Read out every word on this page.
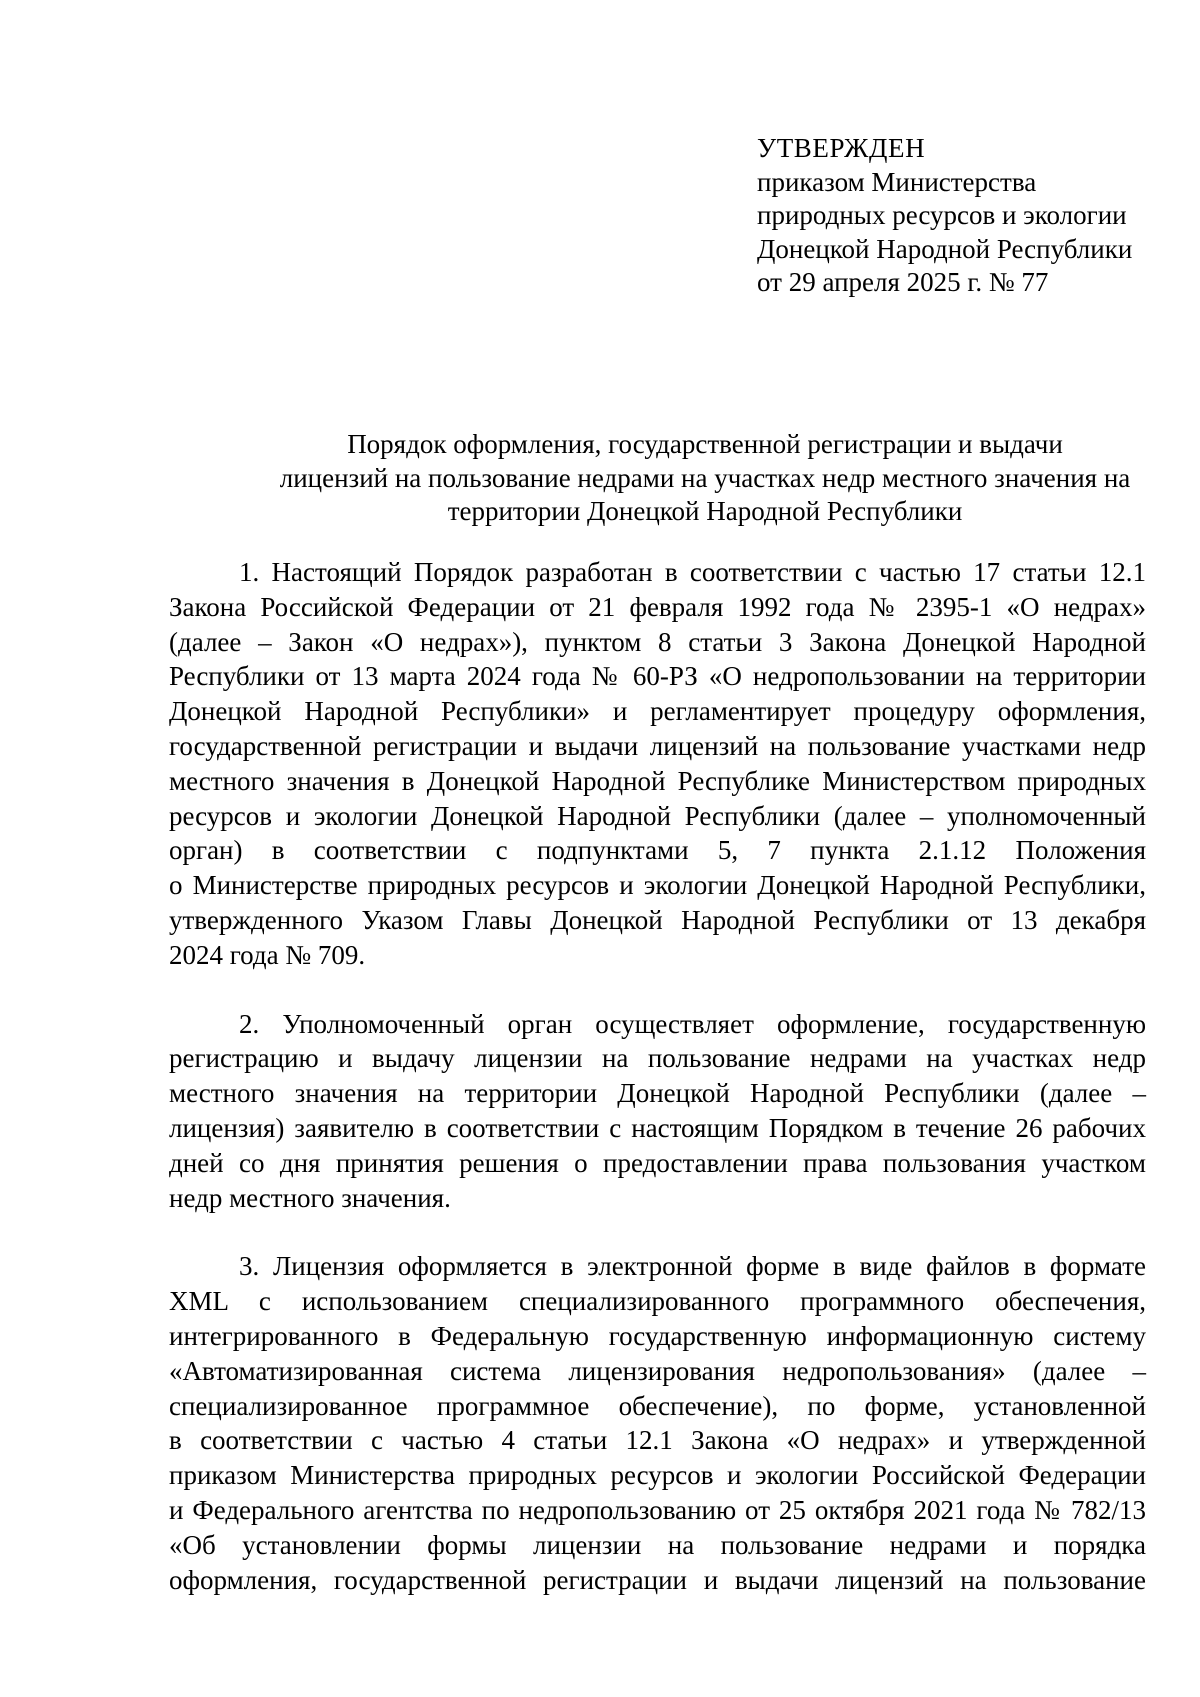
УТВЕРЖДЕН
приказом Министерства
природных ресурсов и экологии
Донецкой Народной Республики
от 29 апреля 2025 г. № 77
Порядок оформления, государственной регистрации и выдачи
лицензий на пользование недрами на участках недр местного значения на
территории Донецкой Народной Республики
1. Настоящий Порядок разработан в соответствии с частью 17 статьи 12.1
Закона Российской Федерации от 21 февраля 1992 года № 2395-1 «О недрах»
(далее – Закон «О недрах»), пунктом 8 статьи 3 Закона Донецкой Народной
Республики от 13 марта 2024 года № 60-РЗ «О недропользовании на территории
Донецкой Народной Республики» и регламентирует процедуру оформления,
государственной регистрации и выдачи лицензий на пользование участками недр
местного значения в Донецкой Народной Республике Министерством природных
ресурсов и экологии Донецкой Народной Республики (далее – уполномоченный
орган) в соответствии с подпунктами 5, 7 пункта 2.1.12 Положения
о Министерстве природных ресурсов и экологии Донецкой Народной Республики,
утвержденного Указом Главы Донецкой Народной Республики от 13 декабря
2024 года № 709.
2. Уполномоченный орган осуществляет оформление, государственную
регистрацию и выдачу лицензии на пользование недрами на участках недр
местного значения на территории Донецкой Народной Республики (далее –
лицензия) заявителю в соответствии с настоящим Порядком в течение 26 рабочих
дней со дня принятия решения о предоставлении права пользования участком
недр местного значения.
3. Лицензия оформляется в электронной форме в виде файлов в формате
XML с использованием специализированного программного обеспечения,
интегрированного в Федеральную государственную информационную систему
«Автоматизированная система лицензирования недропользования» (далее –
специализированное программное обеспечение), по форме, установленной
в соответствии с частью 4 статьи 12.1 Закона «О недрах» и утвержденной
приказом Министерства природных ресурсов и экологии Российской Федерации
и Федерального агентства по недропользованию от 25 октября 2021 года № 782/13
«Об установлении формы лицензии на пользование недрами и порядка
оформления, государственной регистрации и выдачи лицензий на пользование
